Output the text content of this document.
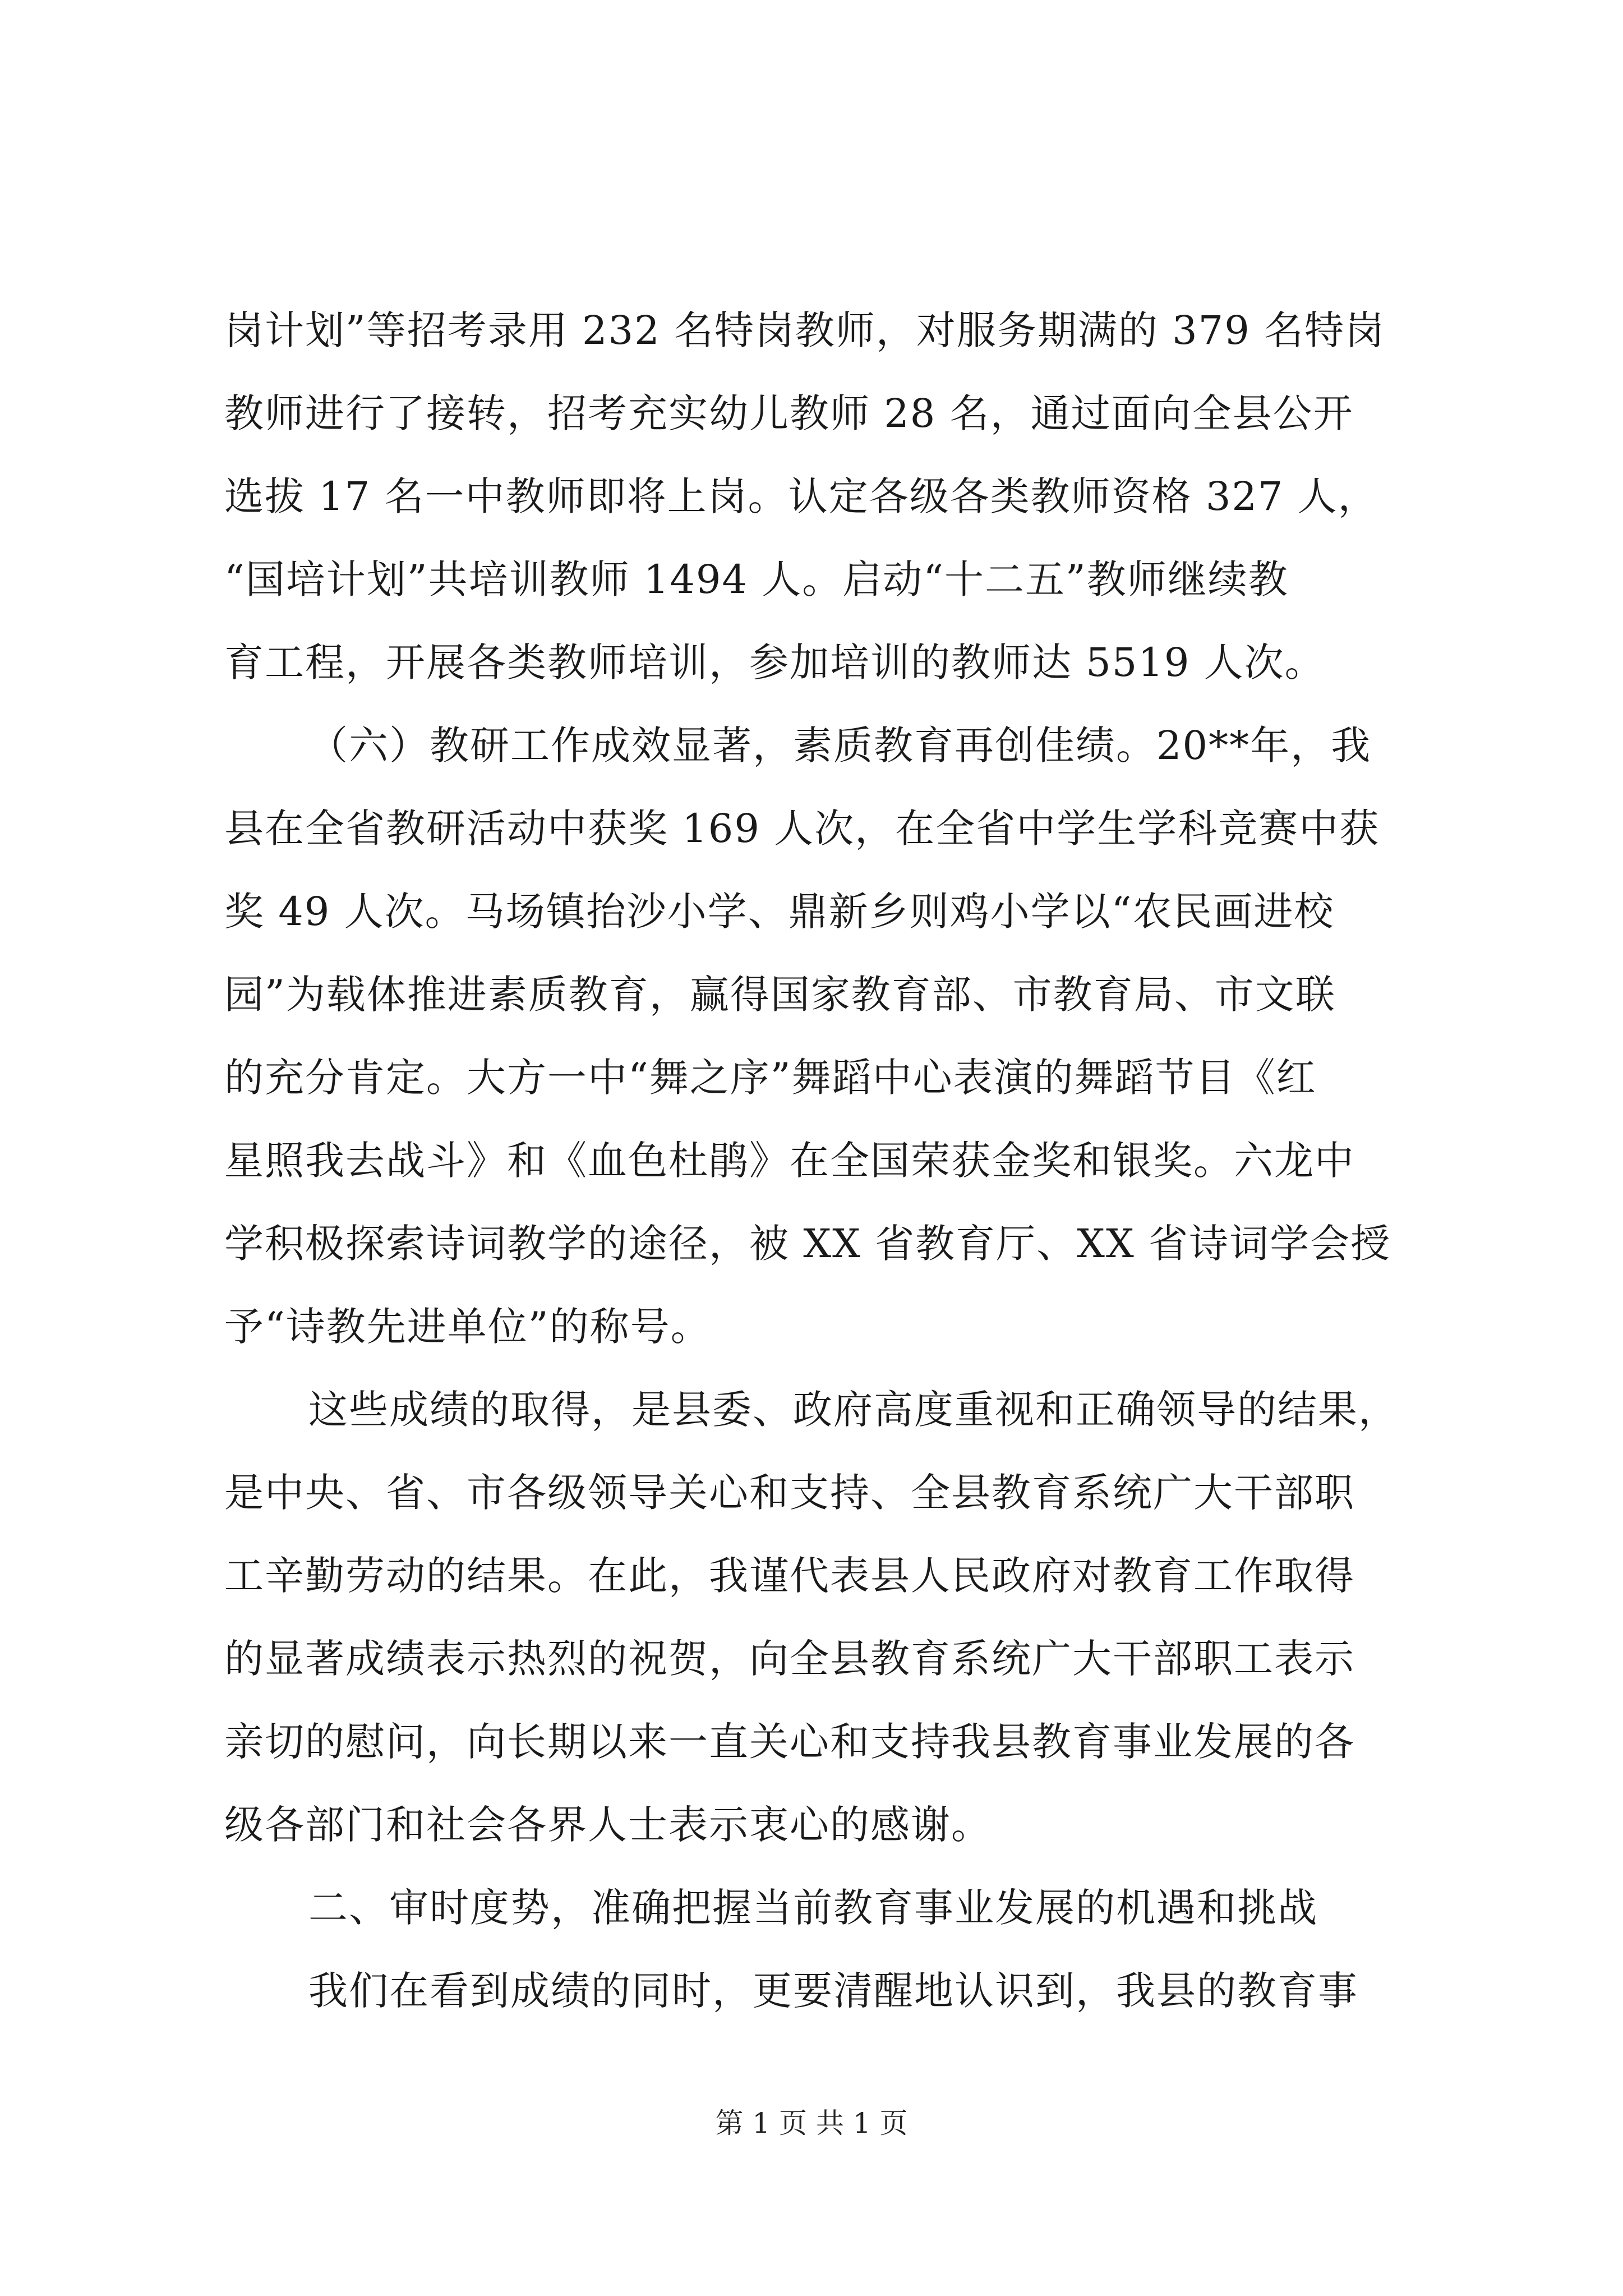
岗计划”等招考录用 232 名特岗教师，对服务期满的 379 名特岗
教师进行了接转，招考充实幼儿教师 28 名，通过面向全县公开
选拔 17 名一中教师即将上岗。认定各级各类教师资格 327 人，
“国培计划”共培训教师 1494 人。启动“十二五”教师继续教
育工程，开展各类教师培训，参加培训的教师达 5519 人次。
（六）教研工作成效显著，素质教育再创佳绩。20**年，我
县在全省教研活动中获奖 169 人次，在全省中学生学科竞赛中获
奖 49 人次。马场镇抬沙小学、鼎新乡则鸡小学以“农民画进校
园”为载体推进素质教育，赢得国家教育部、市教育局、市文联
的充分肯定。大方一中“舞之序”舞蹈中心表演的舞蹈节目《红
星照我去战斗》和《血色杜鹃》在全国荣获金奖和银奖。六龙中
学积极探索诗词教学的途径，被 XX 省教育厅、XX 省诗词学会授
予“诗教先进单位”的称号。
这些成绩的取得，是县委、政府高度重视和正确领导的结果，
是中央、省、市各级领导关心和支持、全县教育系统广大干部职
工辛勤劳动的结果。在此，我谨代表县人民政府对教育工作取得
的显著成绩表示热烈的祝贺，向全县教育系统广大干部职工表示
亲切的慰问，向长期以来一直关心和支持我县教育事业发展的各
级各部门和社会各界人士表示衷心的感谢。
二、审时度势，准确把握当前教育事业发展的机遇和挑战
我们在看到成绩的同时，更要清醒地认识到，我县的教育事
第 1 页 共 1 页
